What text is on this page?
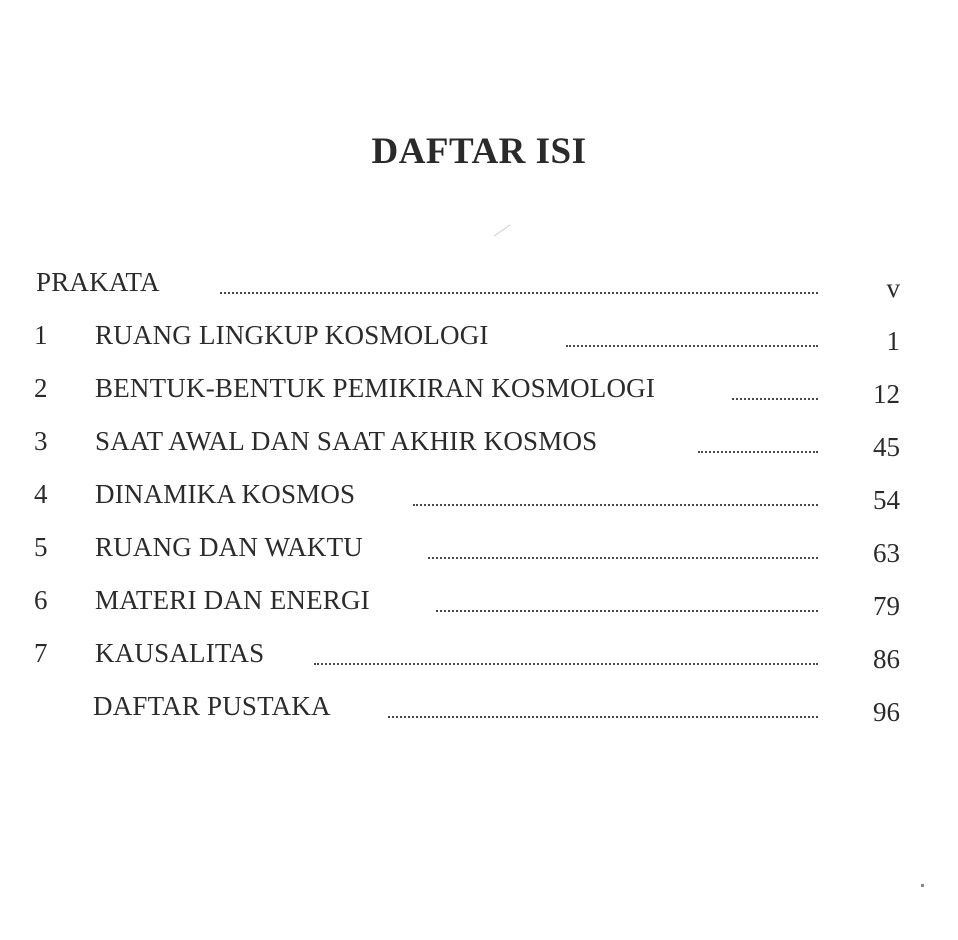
DAFTAR ISI
PRAKATA	v
1 RUANG LINGKUP KOSMOLOGI	1
2 BENTUK-BENTUK PEMIKIRAN KOSMOLOGI	12
3 SAAT AWAL DAN SAAT AKHIR KOSMOS	45
4 DINAMIKA KOSMOS	54
5 RUANG DAN WAKTU	63
6 MATERI DAN ENERGI	79
7 KAUSALITAS	86
DAFTAR PUSTAKA	96
